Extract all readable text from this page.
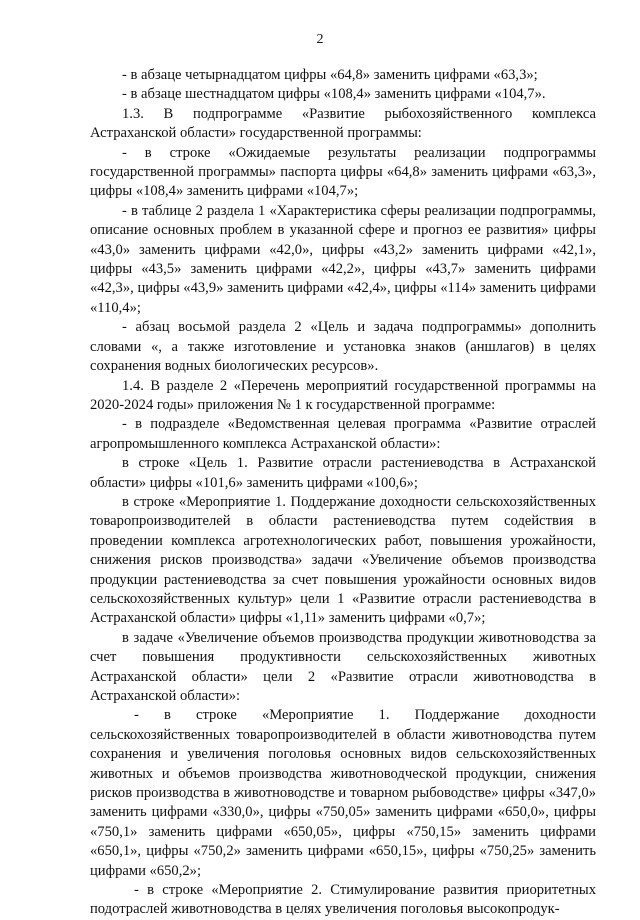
2

- в абзаце четырнадцатом цифры «64,8» заменить цифрами «63,3»;

- в абзаце шестнадцатом цифры «108,4» заменить цифрами «104,7».

1.3. В подпрограмме «Развитие рыбохозяйственного комплекса Астраханской области» государственной программы:

- в строке «Ожидаемые результаты реализации подпрограммы государственной программы» паспорта цифры «64,8» заменить цифрами «63,3», цифры «108,4» заменить цифрами «104,7»;

- в таблице 2 раздела 1 «Характеристика сферы реализации подпрограммы, описание основных проблем в указанной сфере и прогноз ее развития» цифры «43,0» заменить цифрами «42,0», цифры «43,2» заменить цифрами «42,1», цифры «43,5» заменить цифрами «42,2», цифры «43,7» заменить цифрами «42,3», цифры «43,9» заменить цифрами «42,4», цифры «114» заменить цифрами «110,4»;

- абзац восьмой раздела 2 «Цель и задача подпрограммы» дополнить словами «, а также изготовление и установка знаков (аншлагов) в целях сохранения водных биологических ресурсов».

1.4. В разделе 2 «Перечень мероприятий государственной программы на 2020-2024 годы» приложения № 1 к государственной программе:

- в подразделе «Ведомственная целевая программа «Развитие отраслей агропромышленного комплекса Астраханской области»:

в строке «Цель 1. Развитие отрасли растениеводства в Астраханской области» цифры «101,6» заменить цифрами «100,6»;

в строке «Мероприятие 1. Поддержание доходности сельскохозяйственных товаропроизводителей в области растениеводства путем содействия в проведении комплекса агротехнологических работ, повышения урожайности, снижения рисков производства» задачи «Увеличение объемов производства продукции растениеводства за счет повышения урожайности основных видов сельскохозяйственных культур» цели 1 «Развитие отрасли растениеводства в Астраханской области» цифры «1,11» заменить цифрами «0,7»;

в задаче «Увеличение объемов производства продукции животноводства за счет повышения продуктивности сельскохозяйственных животных Астраханской области» цели 2 «Развитие отрасли животноводства в Астраханской области»:

- в строке «Мероприятие 1. Поддержание доходности сельскохозяйственных товаропроизводителей в области животноводства путем сохранения и увеличения поголовья основных видов сельскохозяйственных животных и объемов производства животноводческой продукции, снижения рисков производства в животноводстве и товарном рыбоводстве» цифры «347,0» заменить цифрами «330,0», цифры «750,05» заменить цифрами «650,0», цифры «750,1» заменить цифрами «650,05», цифры «750,15» заменить цифрами «650,1», цифры «750,2» заменить цифрами «650,15», цифры «750,25» заменить цифрами «650,2»;

- в строке «Мероприятие 2. Стимулирование развития приоритетных подотраслей животноводства в целях увеличения поголовья высокопродук-
